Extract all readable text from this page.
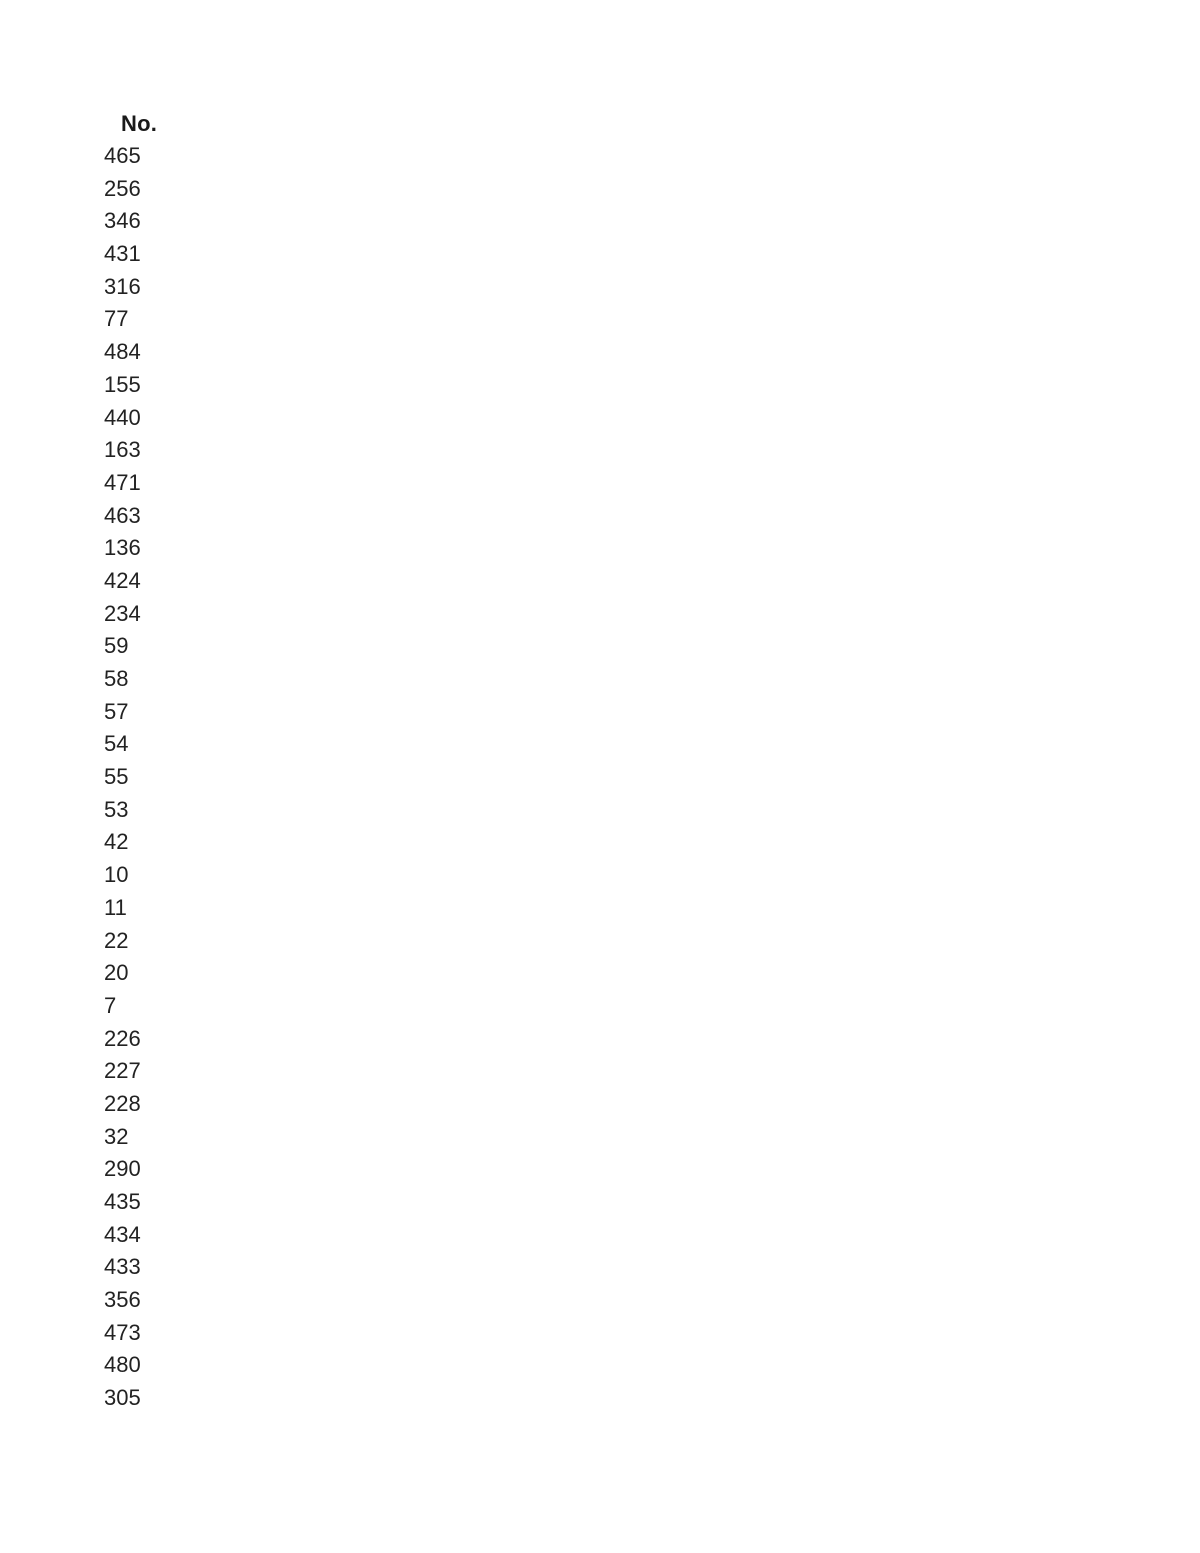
No.
465
256
346
431
316
77
484
155
440
163
471
463
136
424
234
59
58
57
54
55
53
42
10
11
22
20
7
226
227
228
32
290
435
434
433
356
473
480
305
